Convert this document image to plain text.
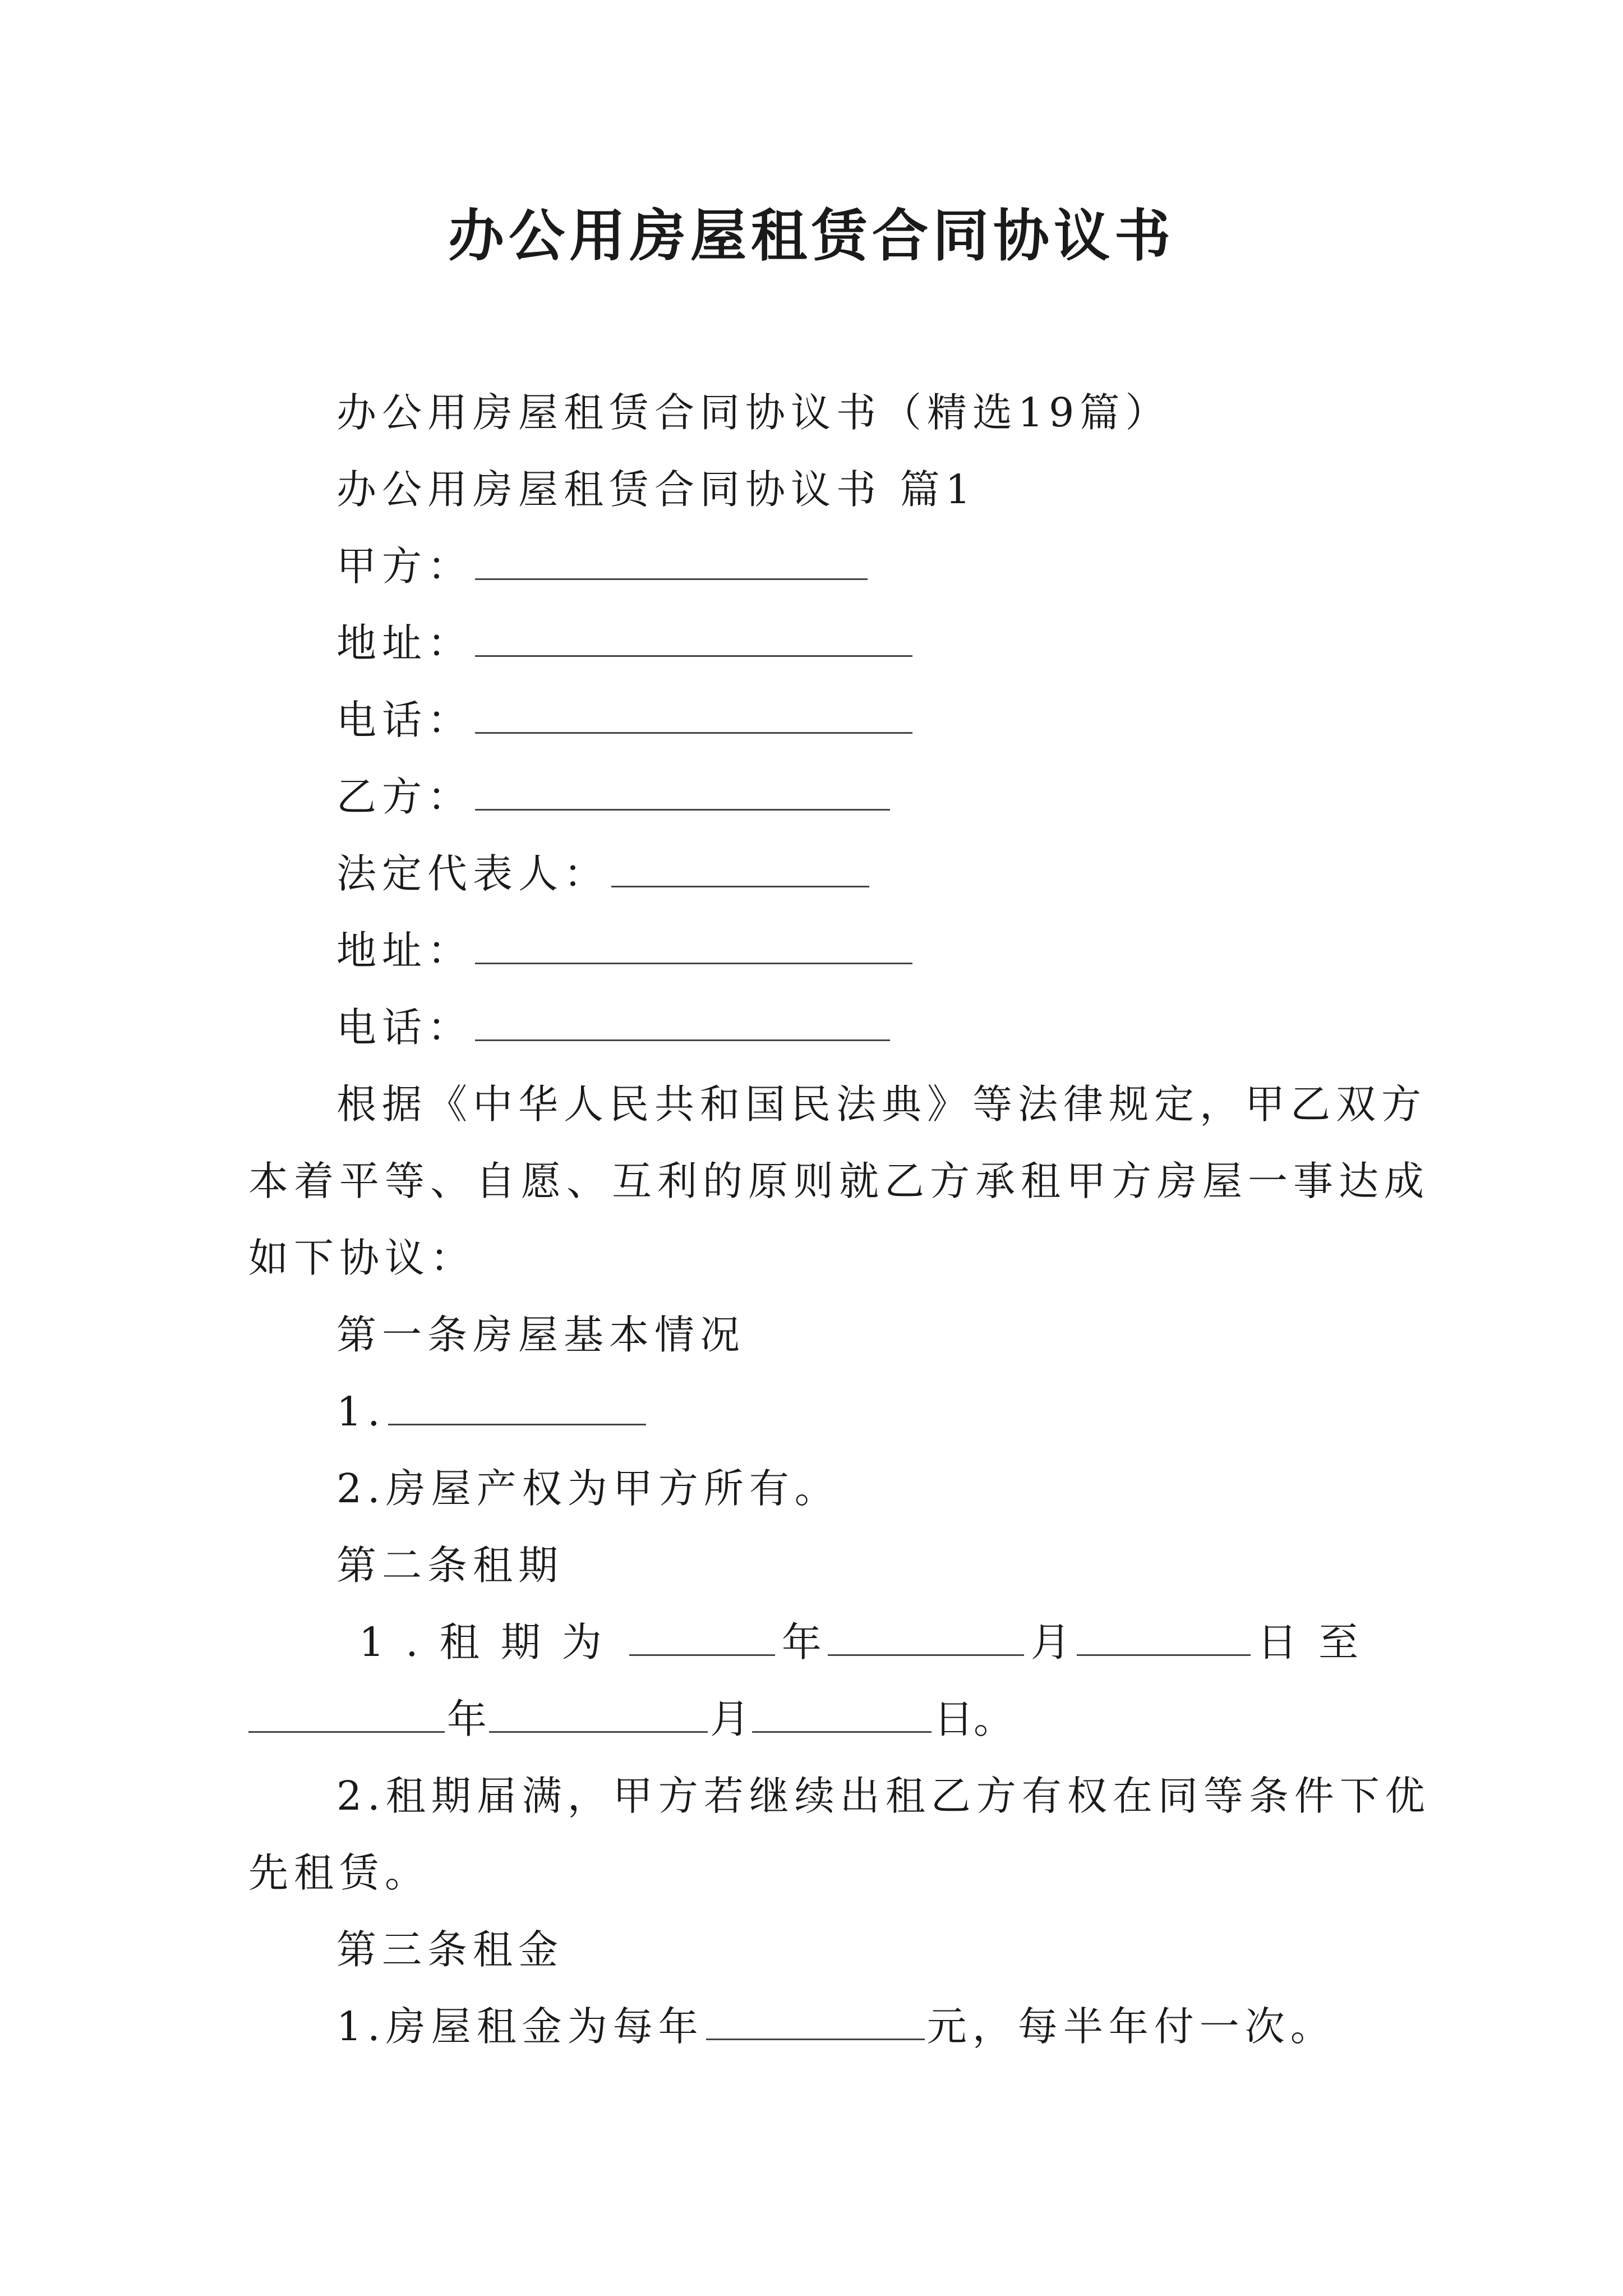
办公用房屋租赁合同协议书

办公用房屋租赁合同协议书（精选19篇）

办公用房屋租赁合同协议书 篇1

甲方：

地址：

电话：

乙方：

法定代表人：

地址：

电话：

根据《中华人民共和国民法典》等法律规定，甲乙双方

本着平等、自愿、互利的原则就乙方承租甲方房屋一事达成

如下协议：

第一条房屋基本情况

1.

2.房屋产权为甲方所有。

第二条租期

1.租期为	年	月	日至

年	月	日。

2.租期届满，甲方若继续出租乙方有权在同等条件下优

先租赁。

第三条租金

1.房屋租金为每年	元，每半年付一次。
